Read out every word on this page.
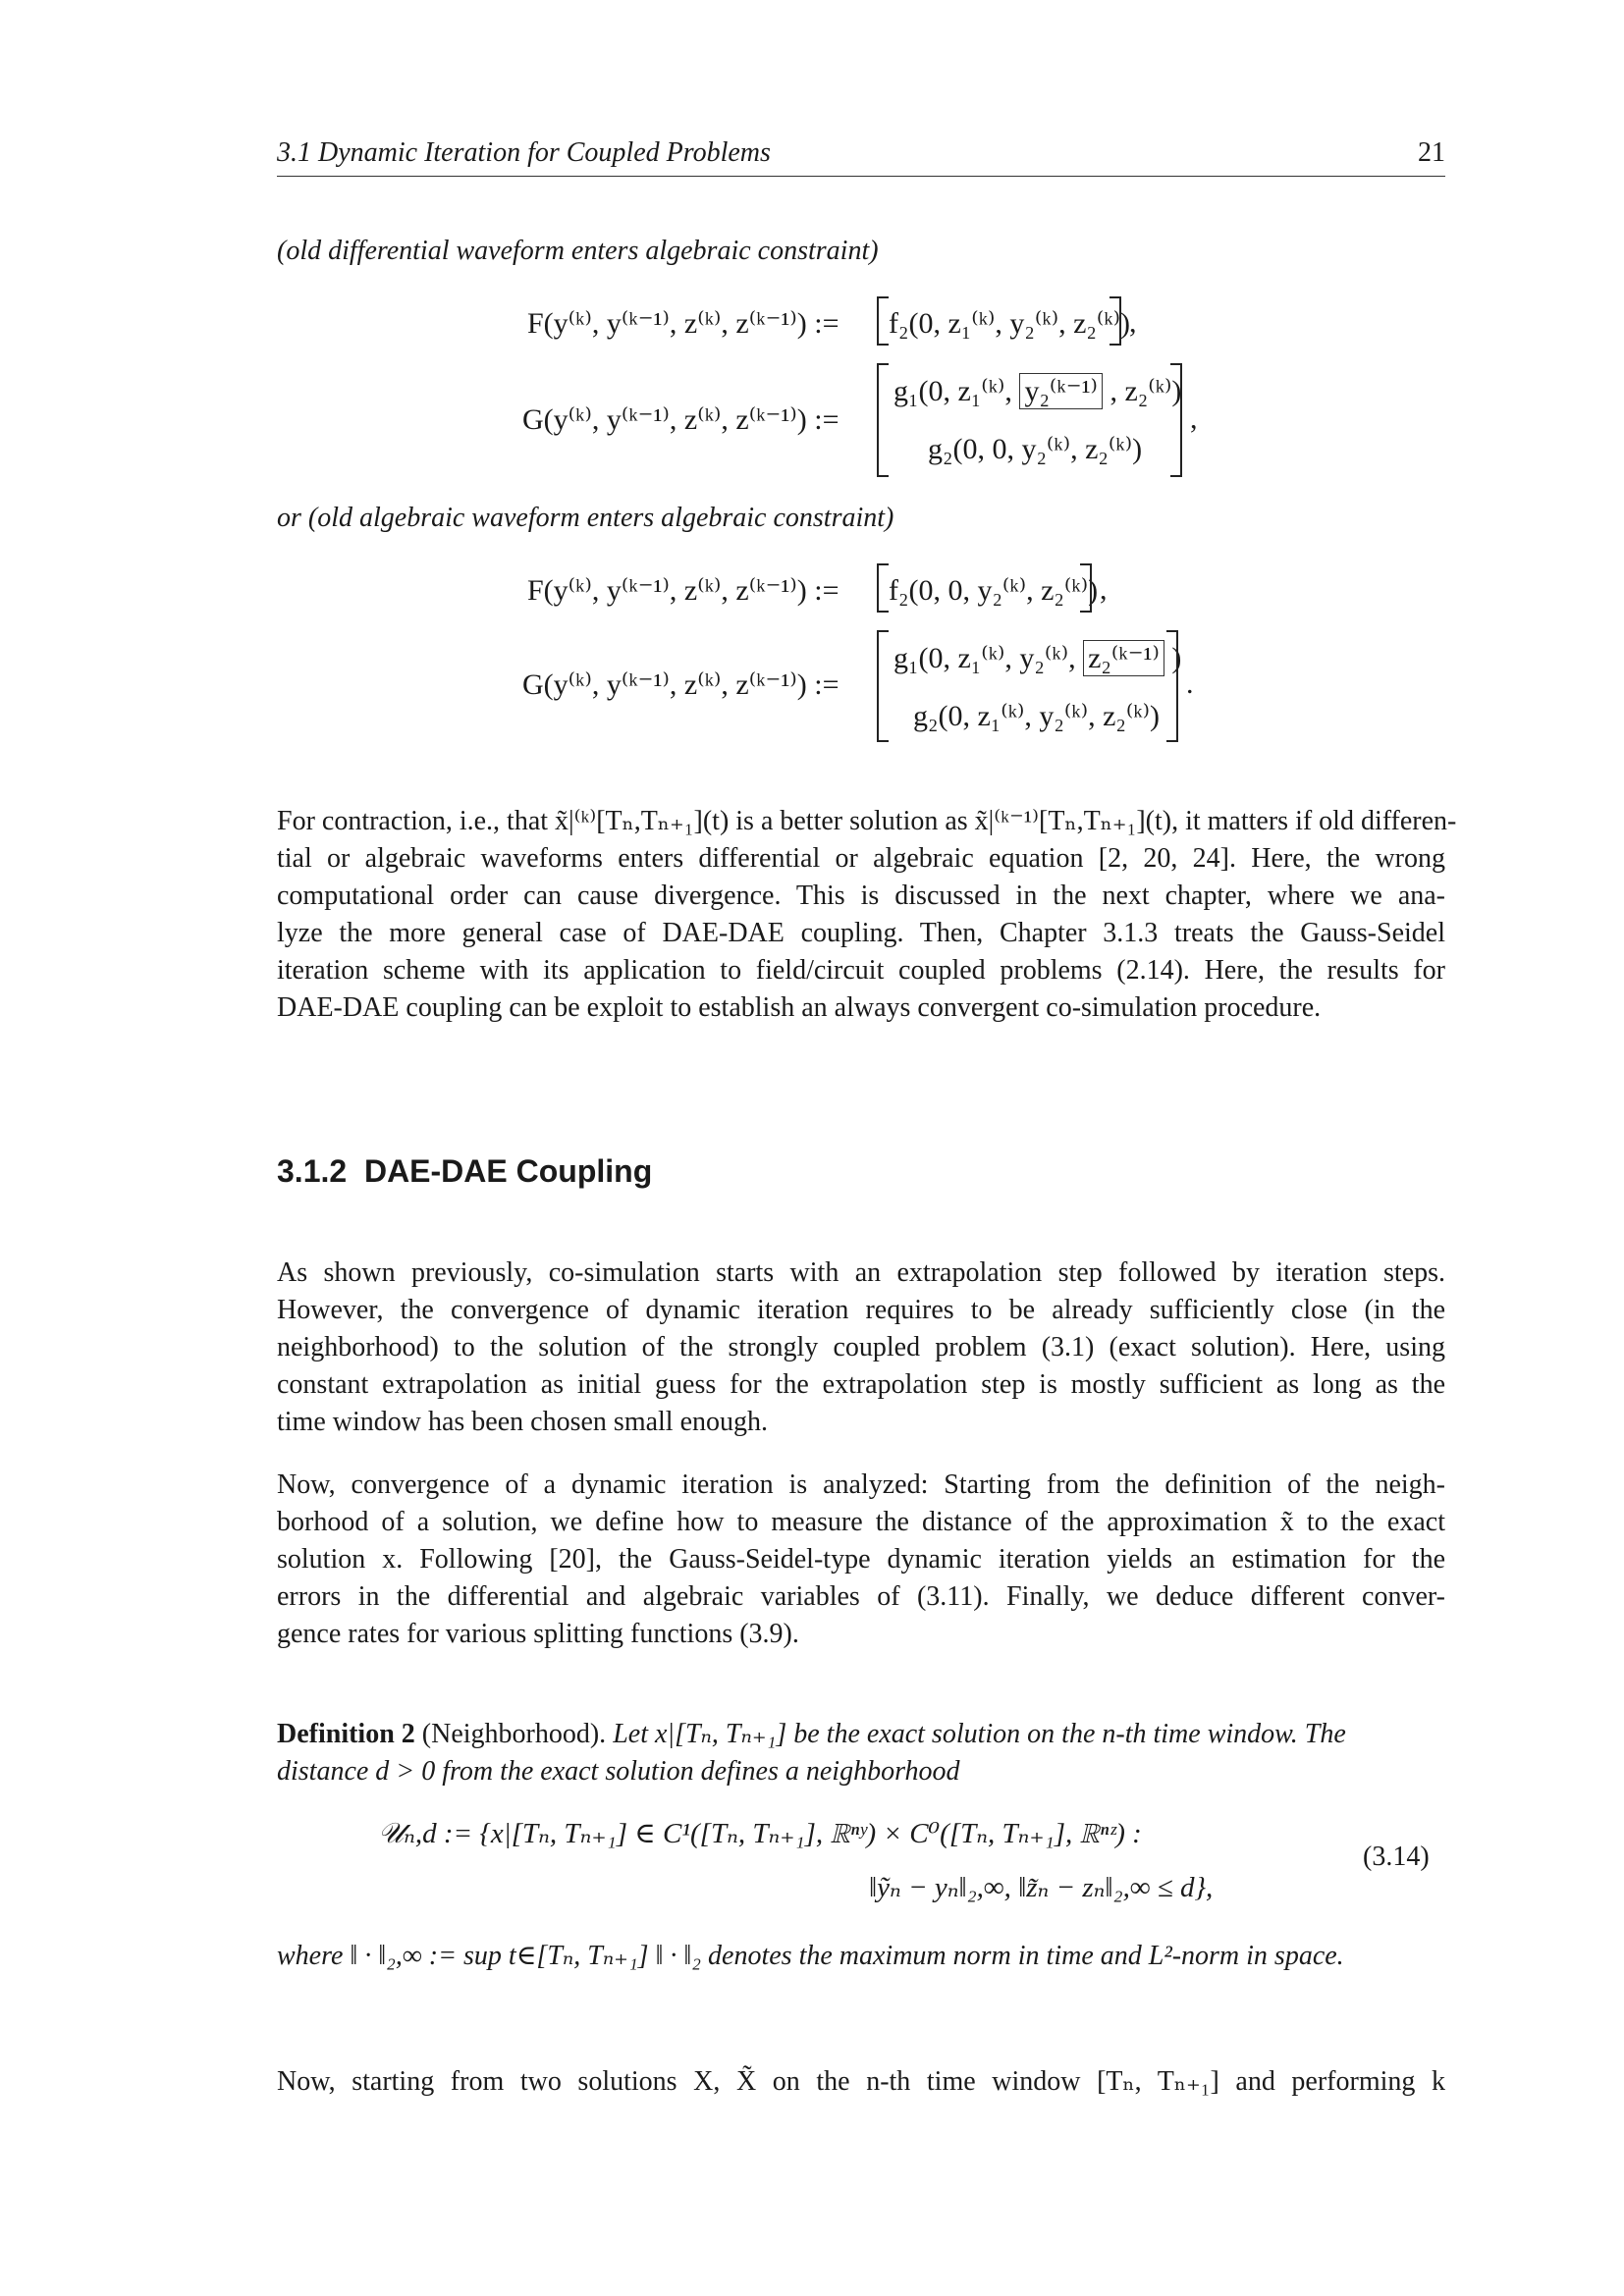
3.1 Dynamic Iteration for Coupled Problems	21
(old differential waveform enters algebraic constraint)
F(y⁽ᵏ⁾, y⁽ᵏ⁻¹⁾, z⁽ᵏ⁾, z⁽ᵏ⁻¹⁾) := f₂(0, z₁⁽ᵏ⁾, y₂⁽ᵏ⁾, z₂⁽ᵏ⁾)
,
G(y⁽ᵏ⁾, y⁽ᵏ⁻¹⁾, z⁽ᵏ⁾, z⁽ᵏ⁻¹⁾) :=
g₁(0, z₁⁽ᵏ⁾, y₂⁽ᵏ⁻¹⁾ , z₂⁽ᵏ⁾)
g₂(0, 0, y₂⁽ᵏ⁾, z₂⁽ᵏ⁾)
,
or (old algebraic waveform enters algebraic constraint)
F(y⁽ᵏ⁾, y⁽ᵏ⁻¹⁾, z⁽ᵏ⁾, z⁽ᵏ⁻¹⁾) := f₂(0, 0, y₂⁽ᵏ⁾, z₂⁽ᵏ⁾) ,
G(y⁽ᵏ⁾, y⁽ᵏ⁻¹⁾, z⁽ᵏ⁾, z⁽ᵏ⁻¹⁾) :=
g₁(0, z₁⁽ᵏ⁾, y₂⁽ᵏ⁾, z₂⁽ᵏ⁻¹⁾ )
g₂(0, z₁⁽ᵏ⁾, y₂⁽ᵏ⁾, z₂⁽ᵏ⁾)
.
For contraction, i.e., that x̃|⁽ᵏ⁾[Tₙ,Tₙ₊₁](t) is a better solution as x̃|⁽ᵏ⁻¹⁾[Tₙ,Tₙ₊₁](t), it matters if old differen-
tial or algebraic waveforms enters differential or algebraic equation [2, 20, 24]. Here, the wrong
computational order can cause divergence. This is discussed in the next chapter, where we ana-
lyze the more general case of DAE-DAE coupling. Then, Chapter 3.1.3 treats the Gauss-Seidel
iteration scheme with its application to field/circuit coupled problems (2.14). Here, the results for
DAE-DAE coupling can be exploit to establish an always convergent co-simulation procedure.
3.1.2 DAE-DAE Coupling
As shown previously, co-simulation starts with an extrapolation step followed by iteration steps.
However, the convergence of dynamic iteration requires to be already sufficiently close (in the
neighborhood) to the solution of the strongly coupled problem (3.1) (exact solution). Here, using
constant extrapolation as initial guess for the extrapolation step is mostly sufficient as long as the
time window has been chosen small enough.
Now, convergence of a dynamic iteration is analyzed: Starting from the definition of the neigh-
borhood of a solution, we define how to measure the distance of the approximation x̃ to the exact
solution x. Following [20], the Gauss-Seidel-type dynamic iteration yields an estimation for the
errors in the differential and algebraic variables of (3.11). Finally, we deduce different conver-
gence rates for various splitting functions (3.9).
Definition 2 (Neighborhood). Let x|[Tₙ, Tₙ₊₁] be the exact solution on the n-th time window. The
distance d > 0 from the exact solution defines a neighborhood
𝒰ₙ,d := {x|[Tₙ, Tₙ₊₁] ∈ C¹([Tₙ, Tₙ₊₁], ℝⁿʸ) × C⁰([Tₙ, Tₙ₊₁], ℝⁿᶻ) :
‖ỹₙ − yₙ‖₂,∞, ‖z̃ₙ − zₙ‖₂,∞ ≤ d},
(3.14)
where ‖ · ‖₂,∞ := sup t∈[Tₙ, Tₙ₊₁] ‖ · ‖₂ denotes the maximum norm in time and L²-norm in space.
Now, starting from two solutions X, X̃ on the n-th time window [Tₙ, Tₙ₊₁] and performing k
